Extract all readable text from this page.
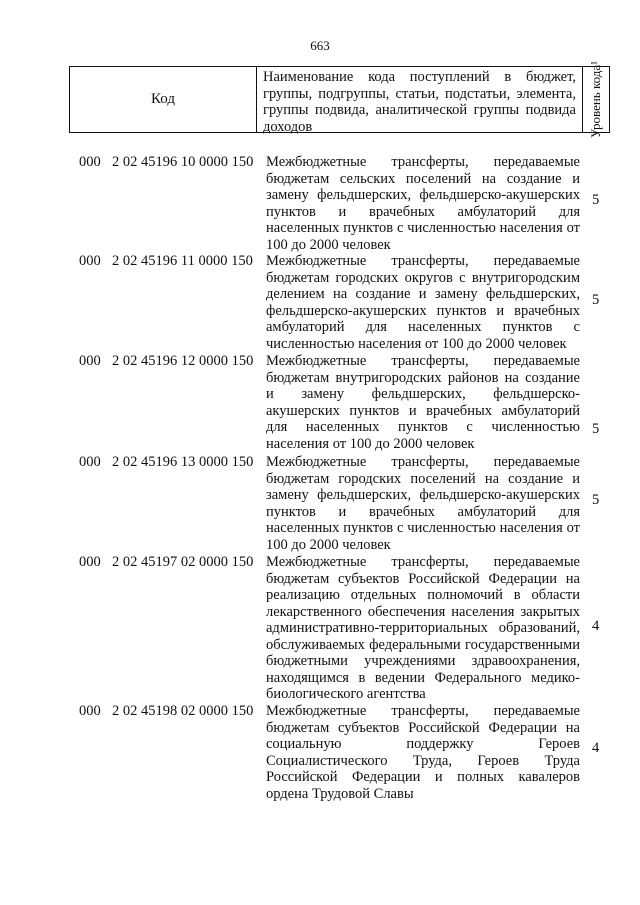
663
Код
Наименование кода поступлений в бюджет, группы, подгруппы, статьи, подстатьи, элемента, группы подвида, аналитической группы подвида доходов	Уровень кода¹
000 2 02 45196 10 0000 150 Межбюджетные трансферты, передаваемые бюджетам сельских поселений на создание и замену фельдшерских, фельдшерско-акушерских пунктов и врачебных амбулаторий для населенных пунктов с численностью населения от 100 до 2000 человек
5
000 2 02 45196 11 0000 150 Межбюджетные трансферты, передаваемые бюджетам городских округов с внутригородским делением на создание и замену фельдшерских, фельдшерско-акушерских пунктов и врачебных амбулаторий для населенных пунктов с численностью населения от 100 до 2000 человек
5
000 2 02 45196 12 0000 150 Межбюджетные трансферты, передаваемые бюджетам внутригородских районов на создание и замену фельдшерских, фельдшерско-акушерских пунктов и врачебных амбулаторий для населенных пунктов с численностью населения от 100 до 2000 человек
5
000 2 02 45196 13 0000 150 Межбюджетные трансферты, передаваемые бюджетам городских поселений на создание и замену фельдшерских, фельдшерско-акушерских пунктов и врачебных амбулаторий для населенных пунктов с численностью населения от 100 до 2000 человек
5
000 2 02 45197 02 0000 150 Межбюджетные трансферты, передаваемые бюджетам субъектов Российской Федерации на реализацию отдельных полномочий в области лекарственного обеспечения населения закрытых административно-территориальных образований, обслуживаемых федеральными государственными бюджетными учреждениями здравоохранения, находящимся в ведении Федерального медико-биологического агентства
4
000 2 02 45198 02 0000 150 Межбюджетные трансферты, передаваемые бюджетам субъектов Российской Федерации на социальную поддержку Героев Социалистического Труда, Героев Труда Российской Федерации и полных кавалеров ордена Трудовой Славы
4
